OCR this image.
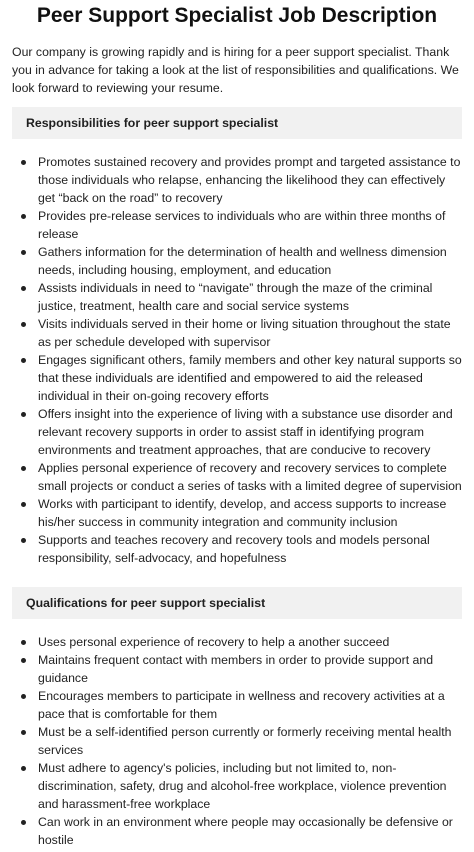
Peer Support Specialist Job Description

Our company is growing rapidly and is hiring for a peer support specialist. Thank you in advance for taking a look at the list of responsibilities and qualifications. We look forward to reviewing your resume.

Responsibilities for peer support specialist
Promotes sustained recovery and provides prompt and targeted assistance to those individuals who relapse, enhancing the likelihood they can effectively get “back on the road” to recovery
Provides pre-release services to individuals who are within three months of release
Gathers information for the determination of health and wellness dimension needs, including housing, employment, and education
Assists individuals in need to “navigate” through the maze of the criminal justice, treatment, health care and social service systems
Visits individuals served in their home or living situation throughout the state as per schedule developed with supervisor
Engages significant others, family members and other key natural supports so that these individuals are identified and empowered to aid the released individual in their on-going recovery efforts
Offers insight into the experience of living with a substance use disorder and relevant recovery supports in order to assist staff in identifying program environments and treatment approaches, that are conducive to recovery
Applies personal experience of recovery and recovery services to complete small projects or conduct a series of tasks with a limited degree of supervision
Works with participant to identify, develop, and access supports to increase his/her success in community integration and community inclusion
Supports and teaches recovery and recovery tools and models personal responsibility, self-advocacy, and hopefulness
Qualifications for peer support specialist
Uses personal experience of recovery to help a another succeed
Maintains frequent contact with members in order to provide support and guidance
Encourages members to participate in wellness and recovery activities at a pace that is comfortable for them
Must be a self-identified person currently or formerly receiving mental health services
Must adhere to agency's policies, including but not limited to, non-discrimination, safety, drug and alcohol-free workplace, violence prevention and harassment-free workplace
Can work in an environment where people may occasionally be defensive or hostile
